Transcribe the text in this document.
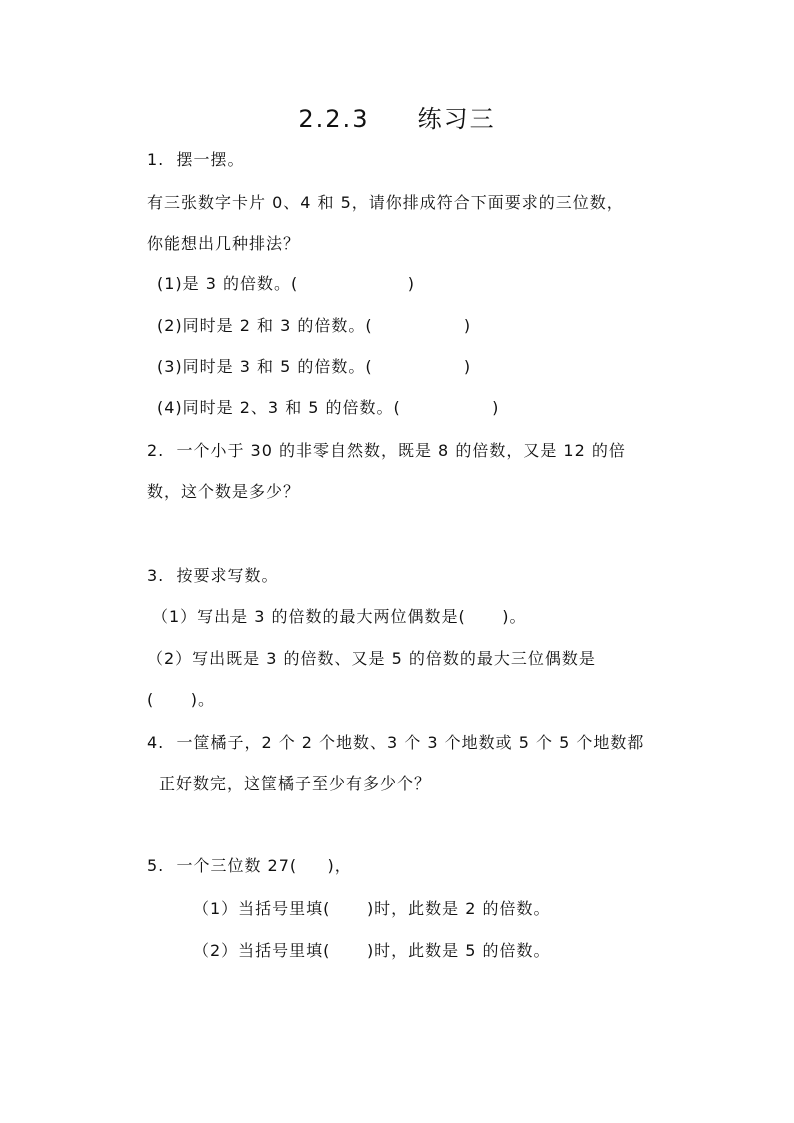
2.2.3     练习三
1.  摆一摆。
有三张数字卡片 0、4 和 5，请你排成符合下面要求的三位数，
你能想出几种排法？
(1)是 3 的倍数。(                  )
(2)同时是 2 和 3 的倍数。(               )
(3)同时是 3 和 5 的倍数。(               )
(4)同时是 2、3 和 5 的倍数。(               )
2.  一个小于 30 的非零自然数，既是 8 的倍数，又是 12 的倍
数，这个数是多少？
3.  按要求写数。
（1）写出是 3 的倍数的最大两位偶数是(      )。
（2）写出既是 3 的倍数、又是 5 的倍数的最大三位偶数是
(      )。
4.  一筐橘子，2 个 2 个地数、3 个 3 个地数或 5 个 5 个地数都
正好数完，这筐橘子至少有多少个？
5.  一个三位数 27(     )，
（1）当括号里填(      )时，此数是 2 的倍数。
（2）当括号里填(      )时，此数是 5 的倍数。
